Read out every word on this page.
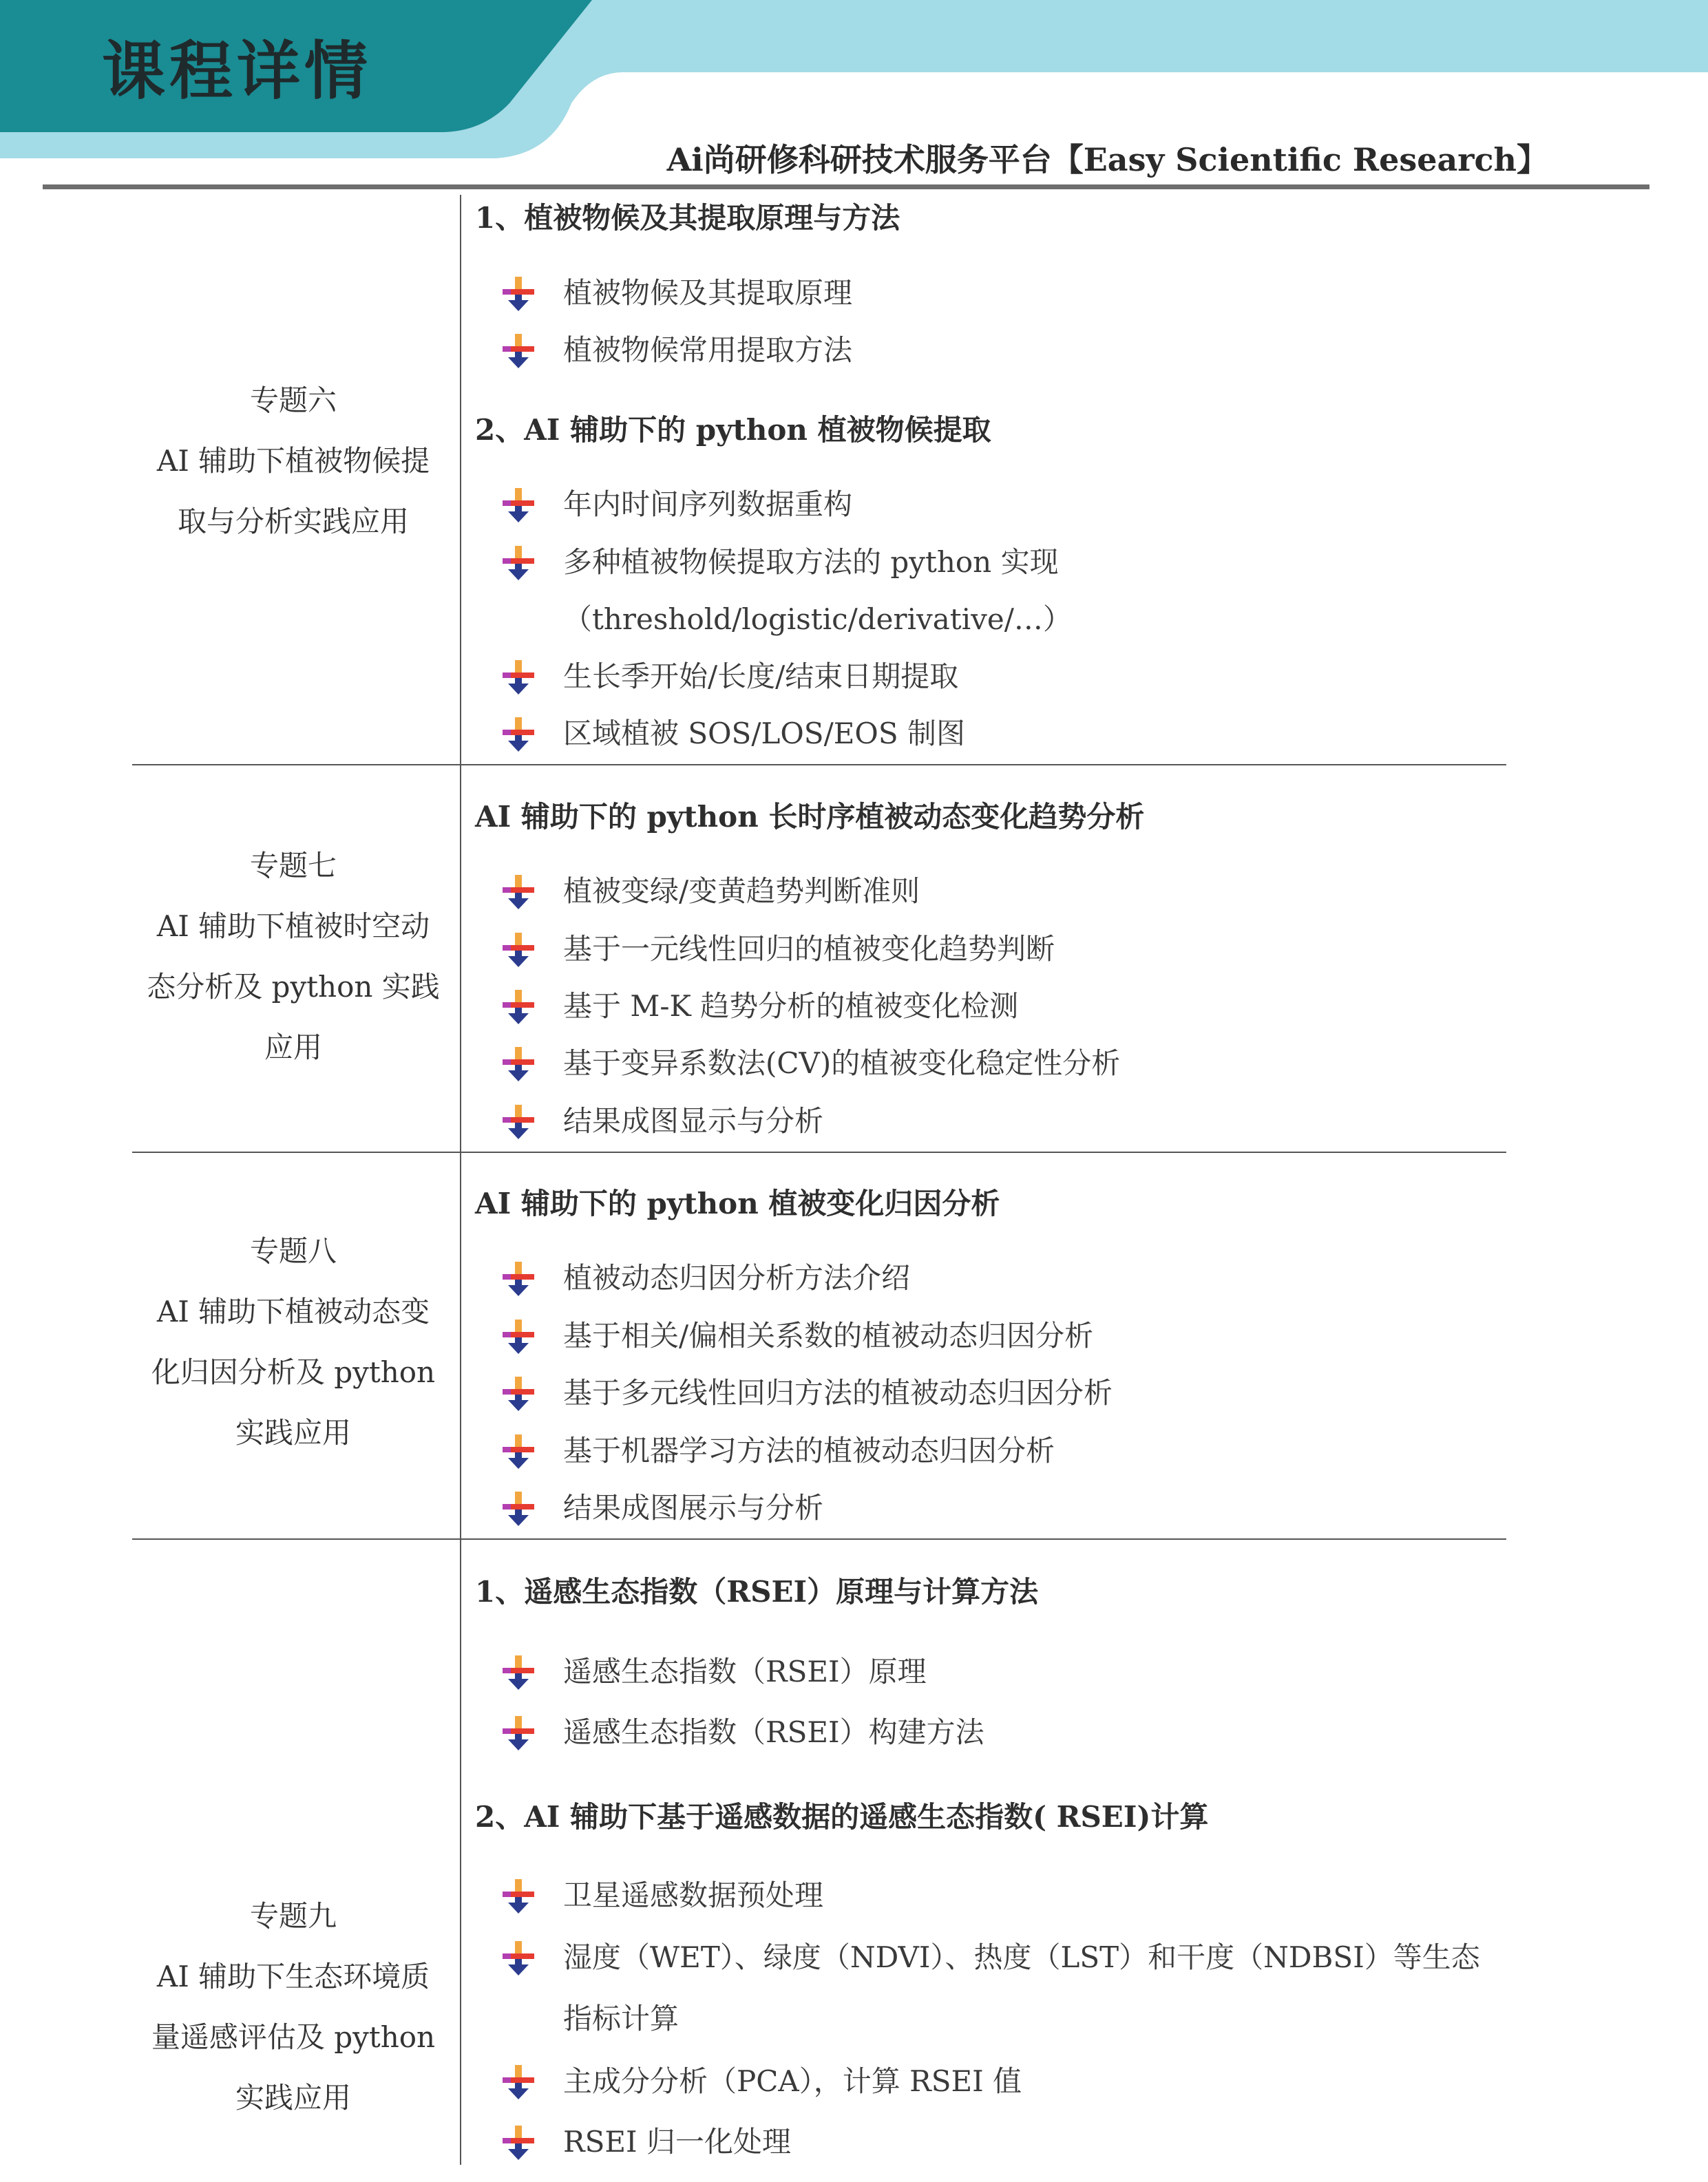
课程详情
Ai尚研修科研技术服务平台【Easy Scientific Research】
专题六
AI 辅助下植被物候提
取与分析实践应用
1、植被物候及其提取原理与方法
植被物候及其提取原理
植被物候常用提取方法
2、AI 辅助下的 python 植被物候提取
年内时间序列数据重构
多种植被物候提取方法的 python 实现
（threshold/logistic/derivative/…）
生长季开始/长度/结束日期提取
区域植被 SOS/LOS/EOS 制图
专题七
AI 辅助下植被时空动
态分析及 python 实践
应用
AI 辅助下的 python 长时序植被动态变化趋势分析
植被变绿/变黄趋势判断准则
基于一元线性回归的植被变化趋势判断
基于 M-K 趋势分析的植被变化检测
基于变异系数法(CV)的植被变化稳定性分析
结果成图显示与分析
专题八
AI 辅助下植被动态变
化归因分析及 python
实践应用
AI 辅助下的 python 植被变化归因分析
植被动态归因分析方法介绍
基于相关/偏相关系数的植被动态归因分析
基于多元线性回归方法的植被动态归因分析
基于机器学习方法的植被动态归因分析
结果成图展示与分析
专题九
AI 辅助下生态环境质
量遥感评估及 python
实践应用
1、遥感生态指数（RSEI）原理与计算方法
遥感生态指数（RSEI）原理
遥感生态指数（RSEI）构建方法
2、AI 辅助下基于遥感数据的遥感生态指数( RSEI)计算
卫星遥感数据预处理
湿度（WET）、绿度（NDVI）、热度（LST）和干度（NDBSI）等生态
指标计算
主成分分析（PCA），计算 RSEI 值
RSEI 归一化处理
